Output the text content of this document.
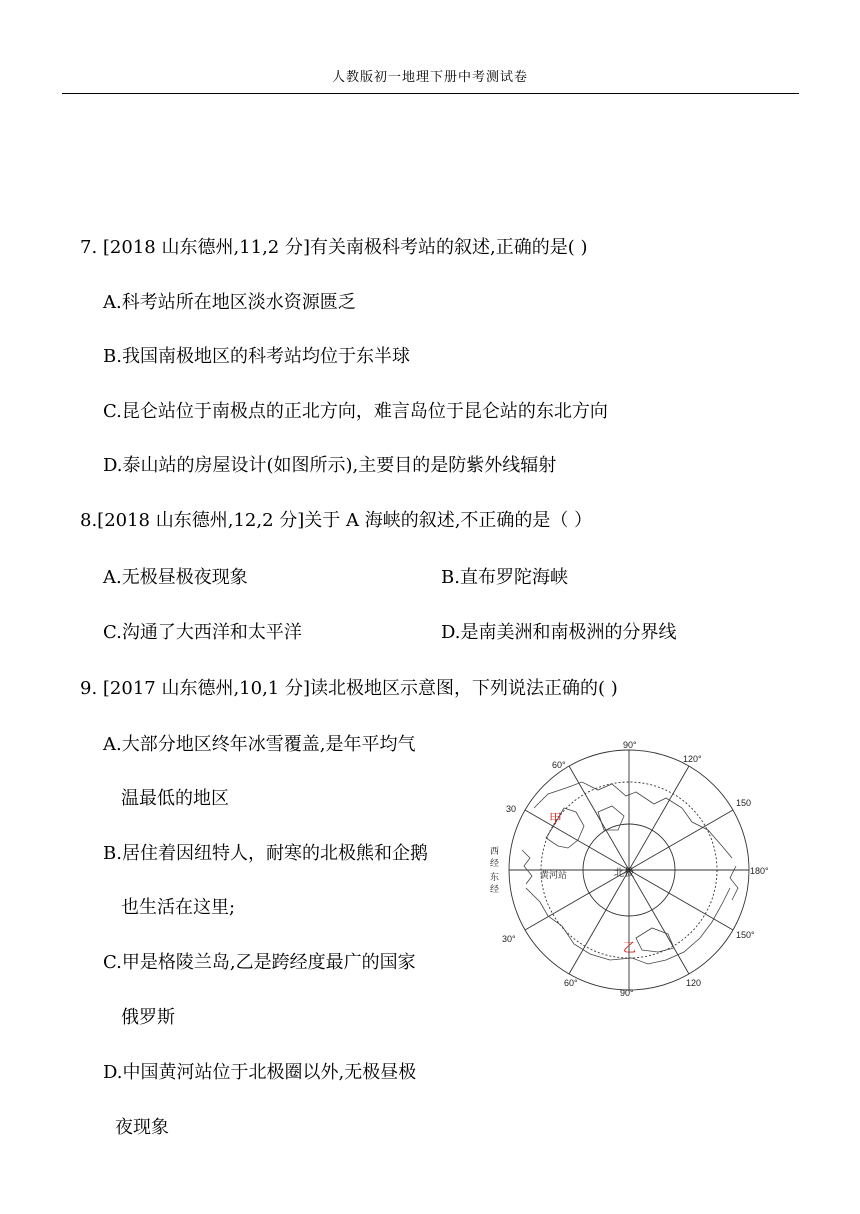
人教版初一地理下册中考测试卷
7. [2018 山东德州,11,2 分]有关南极科考站的叙述,正确的是( )
A.科考站所在地区淡水资源匮乏
B.我国南极地区的科考站均位于东半球
C.昆仑站位于南极点的正北方向，难言岛位于昆仑站的东北方向
D.泰山站的房屋设计(如图所示),主要目的是防紫外线辐射
8.[2018 山东德州,12,2 分]关于 A 海峡的叙述,不正确的是（ ）
A.无极昼极夜现象	B.直布罗陀海峡
C.沟通了大西洋和太平洋	D.是南美洲和南极洲的分界线
9. [2017 山东德州,10,1 分]读北极地区示意图，下列说法正确的( )
A.大部分地区终年冰雪覆盖,是年平均气
温最低的地区
B.居住着因纽特人，耐寒的北极熊和企鹅
也生活在这里;
C.甲是格陵兰岛,乙是跨经度最广的国家
俄罗斯
D.中国黄河站位于北极圈以外,无极昼极
夜现象
90°
60°
120°
150
30
180°
150°
30°
60°
90°
120
北极
黄河站
西
经
东
经
甲
乙
